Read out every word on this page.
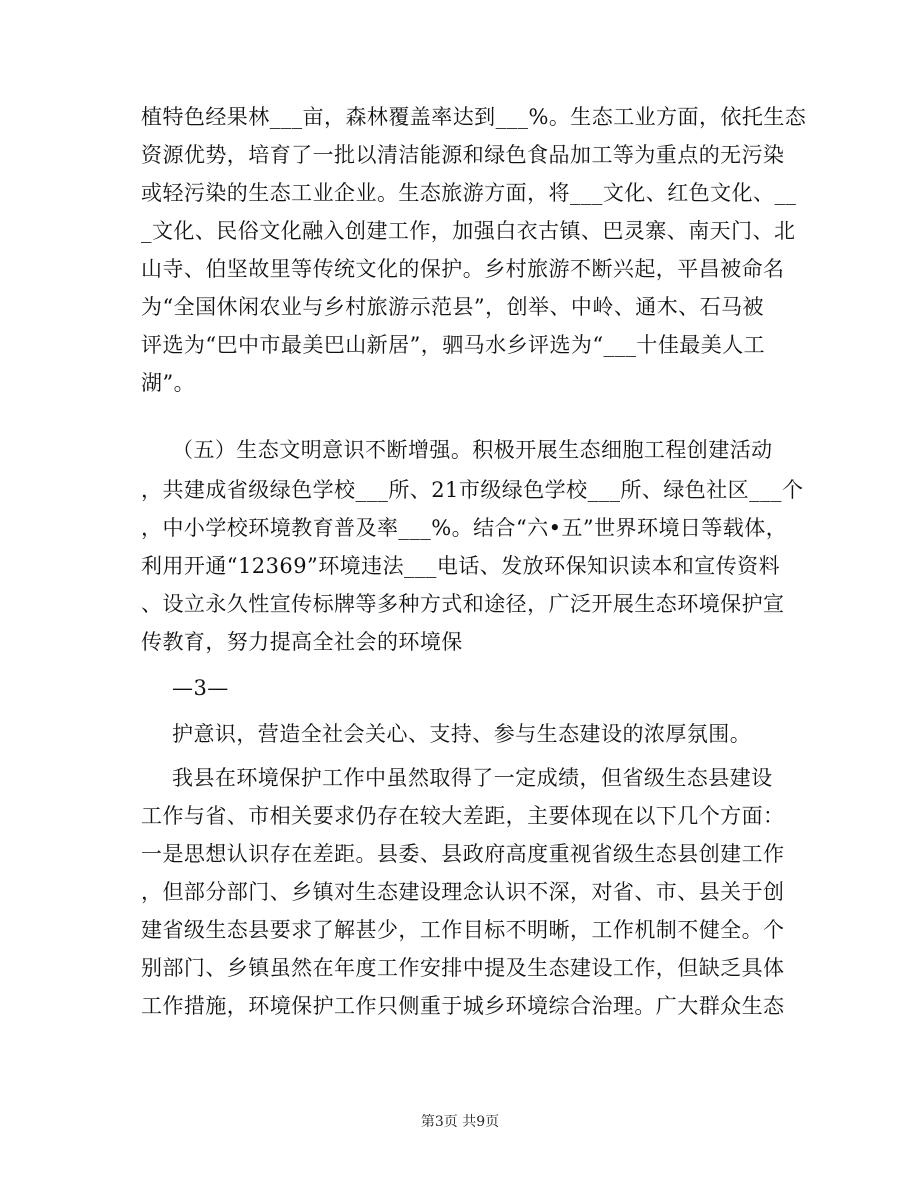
植特色经果林___亩，森林覆盖率达到___%。生态工业方面，依托生态
资源优势，培育了一批以清洁能源和绿色食品加工等为重点的无污染
或轻污染的生态工业企业。生态旅游方面，将___文化、红色文化、__
_文化、民俗文化融入创建工作，加强白衣古镇、巴灵寨、南天门、北
山寺、伯坚故里等传统文化的保护。乡村旅游不断兴起，平昌被命名
为“全国休闲农业与乡村旅游示范县”，创举、中岭、通木、石马被
评选为“巴中市最美巴山新居”，驷马水乡评选为“___十佳最美人工
湖”。
（五）生态文明意识不断增强。积极开展生态细胞工程创建活动
，共建成省级绿色学校___所、21市级绿色学校___所、绿色社区___个
，中小学校环境教育普及率___%。结合“六•五”世界环境日等载体，
利用开通“12369”环境违法___电话、发放环保知识读本和宣传资料
、设立永久性宣传标牌等多种方式和途径，广泛开展生态环境保护宣
传教育，努力提高全社会的环境保
—3—
护意识，营造全社会关心、支持、参与生态建设的浓厚氛围。
我县在环境保护工作中虽然取得了一定成绩，但省级生态县建设
工作与省、市相关要求仍存在较大差距，主要体现在以下几个方面：
一是思想认识存在差距。县委、县政府高度重视省级生态县创建工作
，但部分部门、乡镇对生态建设理念认识不深，对省、市、县关于创
建省级生态县要求了解甚少，工作目标不明晰，工作机制不健全。个
别部门、乡镇虽然在年度工作安排中提及生态建设工作，但缺乏具体
工作措施，环境保护工作只侧重于城乡环境综合治理。广大群众生态
第3页 共9页
